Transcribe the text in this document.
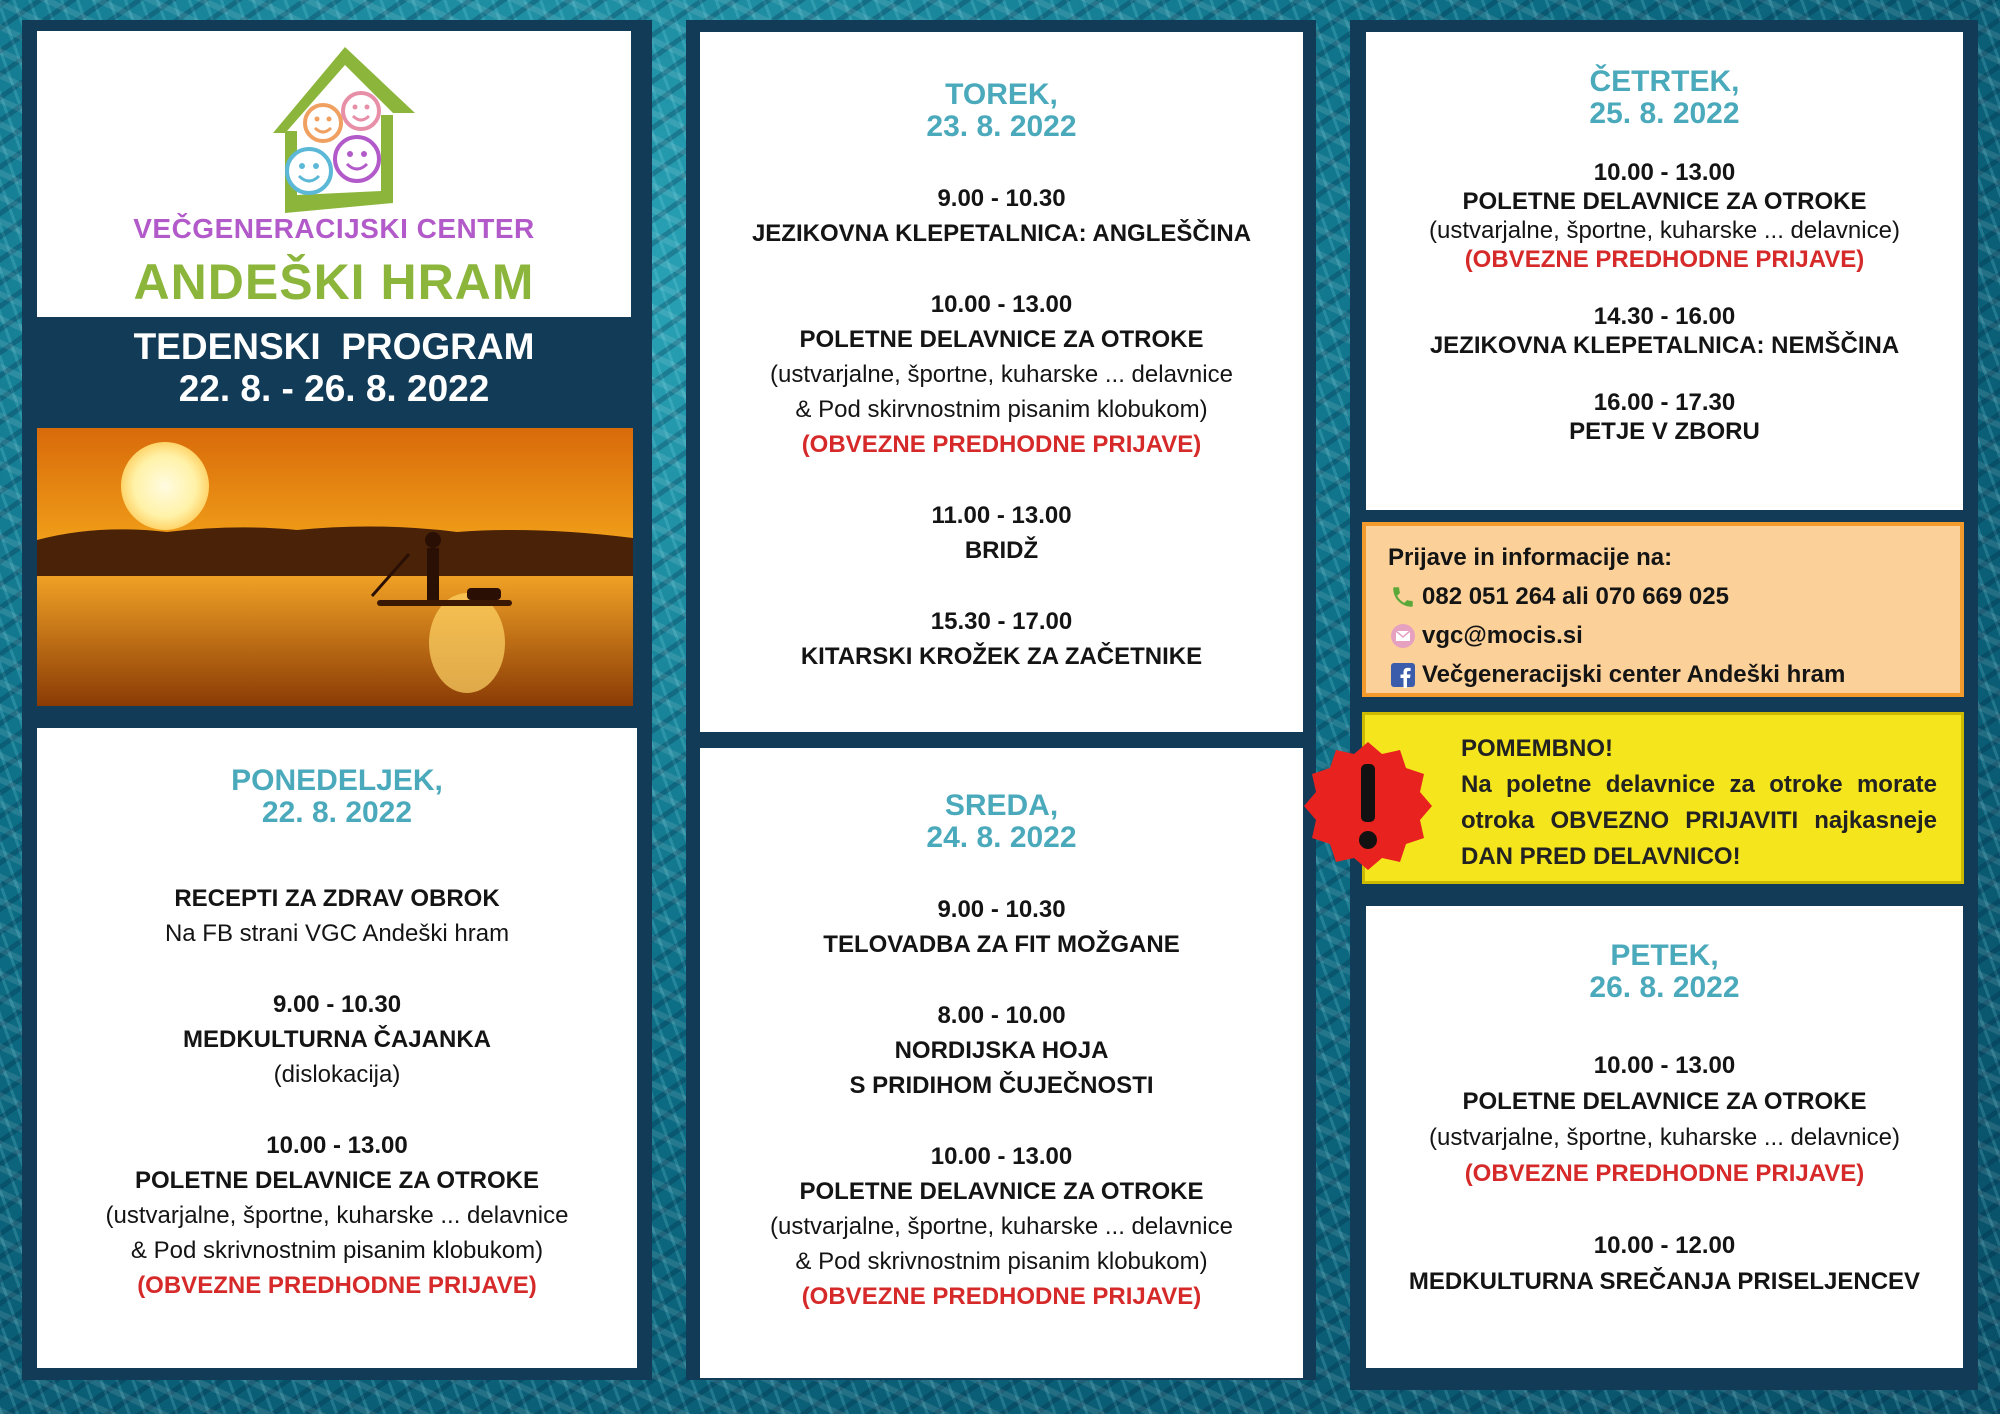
VEČGENERACIJSKI CENTER
ANDEŠKI HRAM
TEDENSKI  PROGRAM
22. 8. - 26. 8. 2022
PONEDELJEK,
22. 8. 2022
RECEPTI ZA ZDRAV OBROK
Na FB strani VGC Andeški hram
9.00 - 10.30
MEDKULTURNA ČAJANKA
(dislokacija)
10.00 - 13.00
POLETNE DELAVNICE ZA OTROKE
(ustvarjalne, športne, kuharske ... delavnice
& Pod skrivnostnim pisanim klobukom)
(OBVEZNE PREDHODNE PRIJAVE)
TOREK,
23. 8. 2022
9.00 - 10.30
JEZIKOVNA KLEPETALNICA: ANGLEŠČINA
10.00 - 13.00
POLETNE DELAVNICE ZA OTROKE
(ustvarjalne, športne, kuharske ... delavnice
& Pod skirvnostnim pisanim klobukom)
(OBVEZNE PREDHODNE PRIJAVE)
11.00 - 13.00
BRIDŽ
15.30 - 17.00
KITARSKI KROŽEK ZA ZAČETNIKE
SREDA,
24. 8. 2022
9.00 - 10.30
TELOVADBA ZA FIT MOŽGANE
8.00 - 10.00
NORDIJSKA HOJA
S PRIDIHOM ČUJEČNOSTI
10.00 - 13.00
POLETNE DELAVNICE ZA OTROKE
(ustvarjalne, športne, kuharske ... delavnice
& Pod skrivnostnim pisanim klobukom)
(OBVEZNE PREDHODNE PRIJAVE)
ČETRTEK,
25. 8. 2022
10.00 - 13.00
POLETNE DELAVNICE ZA OTROKE
(ustvarjalne, športne, kuharske ... delavnice)
(OBVEZNE PREDHODNE PRIJAVE)
14.30 - 16.00
JEZIKOVNA KLEPETALNICA: NEMŠČINA
16.00 - 17.30
PETJE V ZBORU
Prijave in informacije na:
082 051 264 ali 070 669 025
vgc@mocis.si
Večgeneracijski center Andeški hram
POMEMBNO!
Na poletne delavnice za otroke morate otroka OBVEZNO PRIJAVITI najkasneje DAN PRED DELAVNICO!
PETEK,
26. 8. 2022
10.00 - 13.00
POLETNE DELAVNICE ZA OTROKE
(ustvarjalne, športne, kuharske ... delavnice)
(OBVEZNE PREDHODNE PRIJAVE)
10.00 - 12.00
MEDKULTURNA SREČANJA PRISELJENCEV
